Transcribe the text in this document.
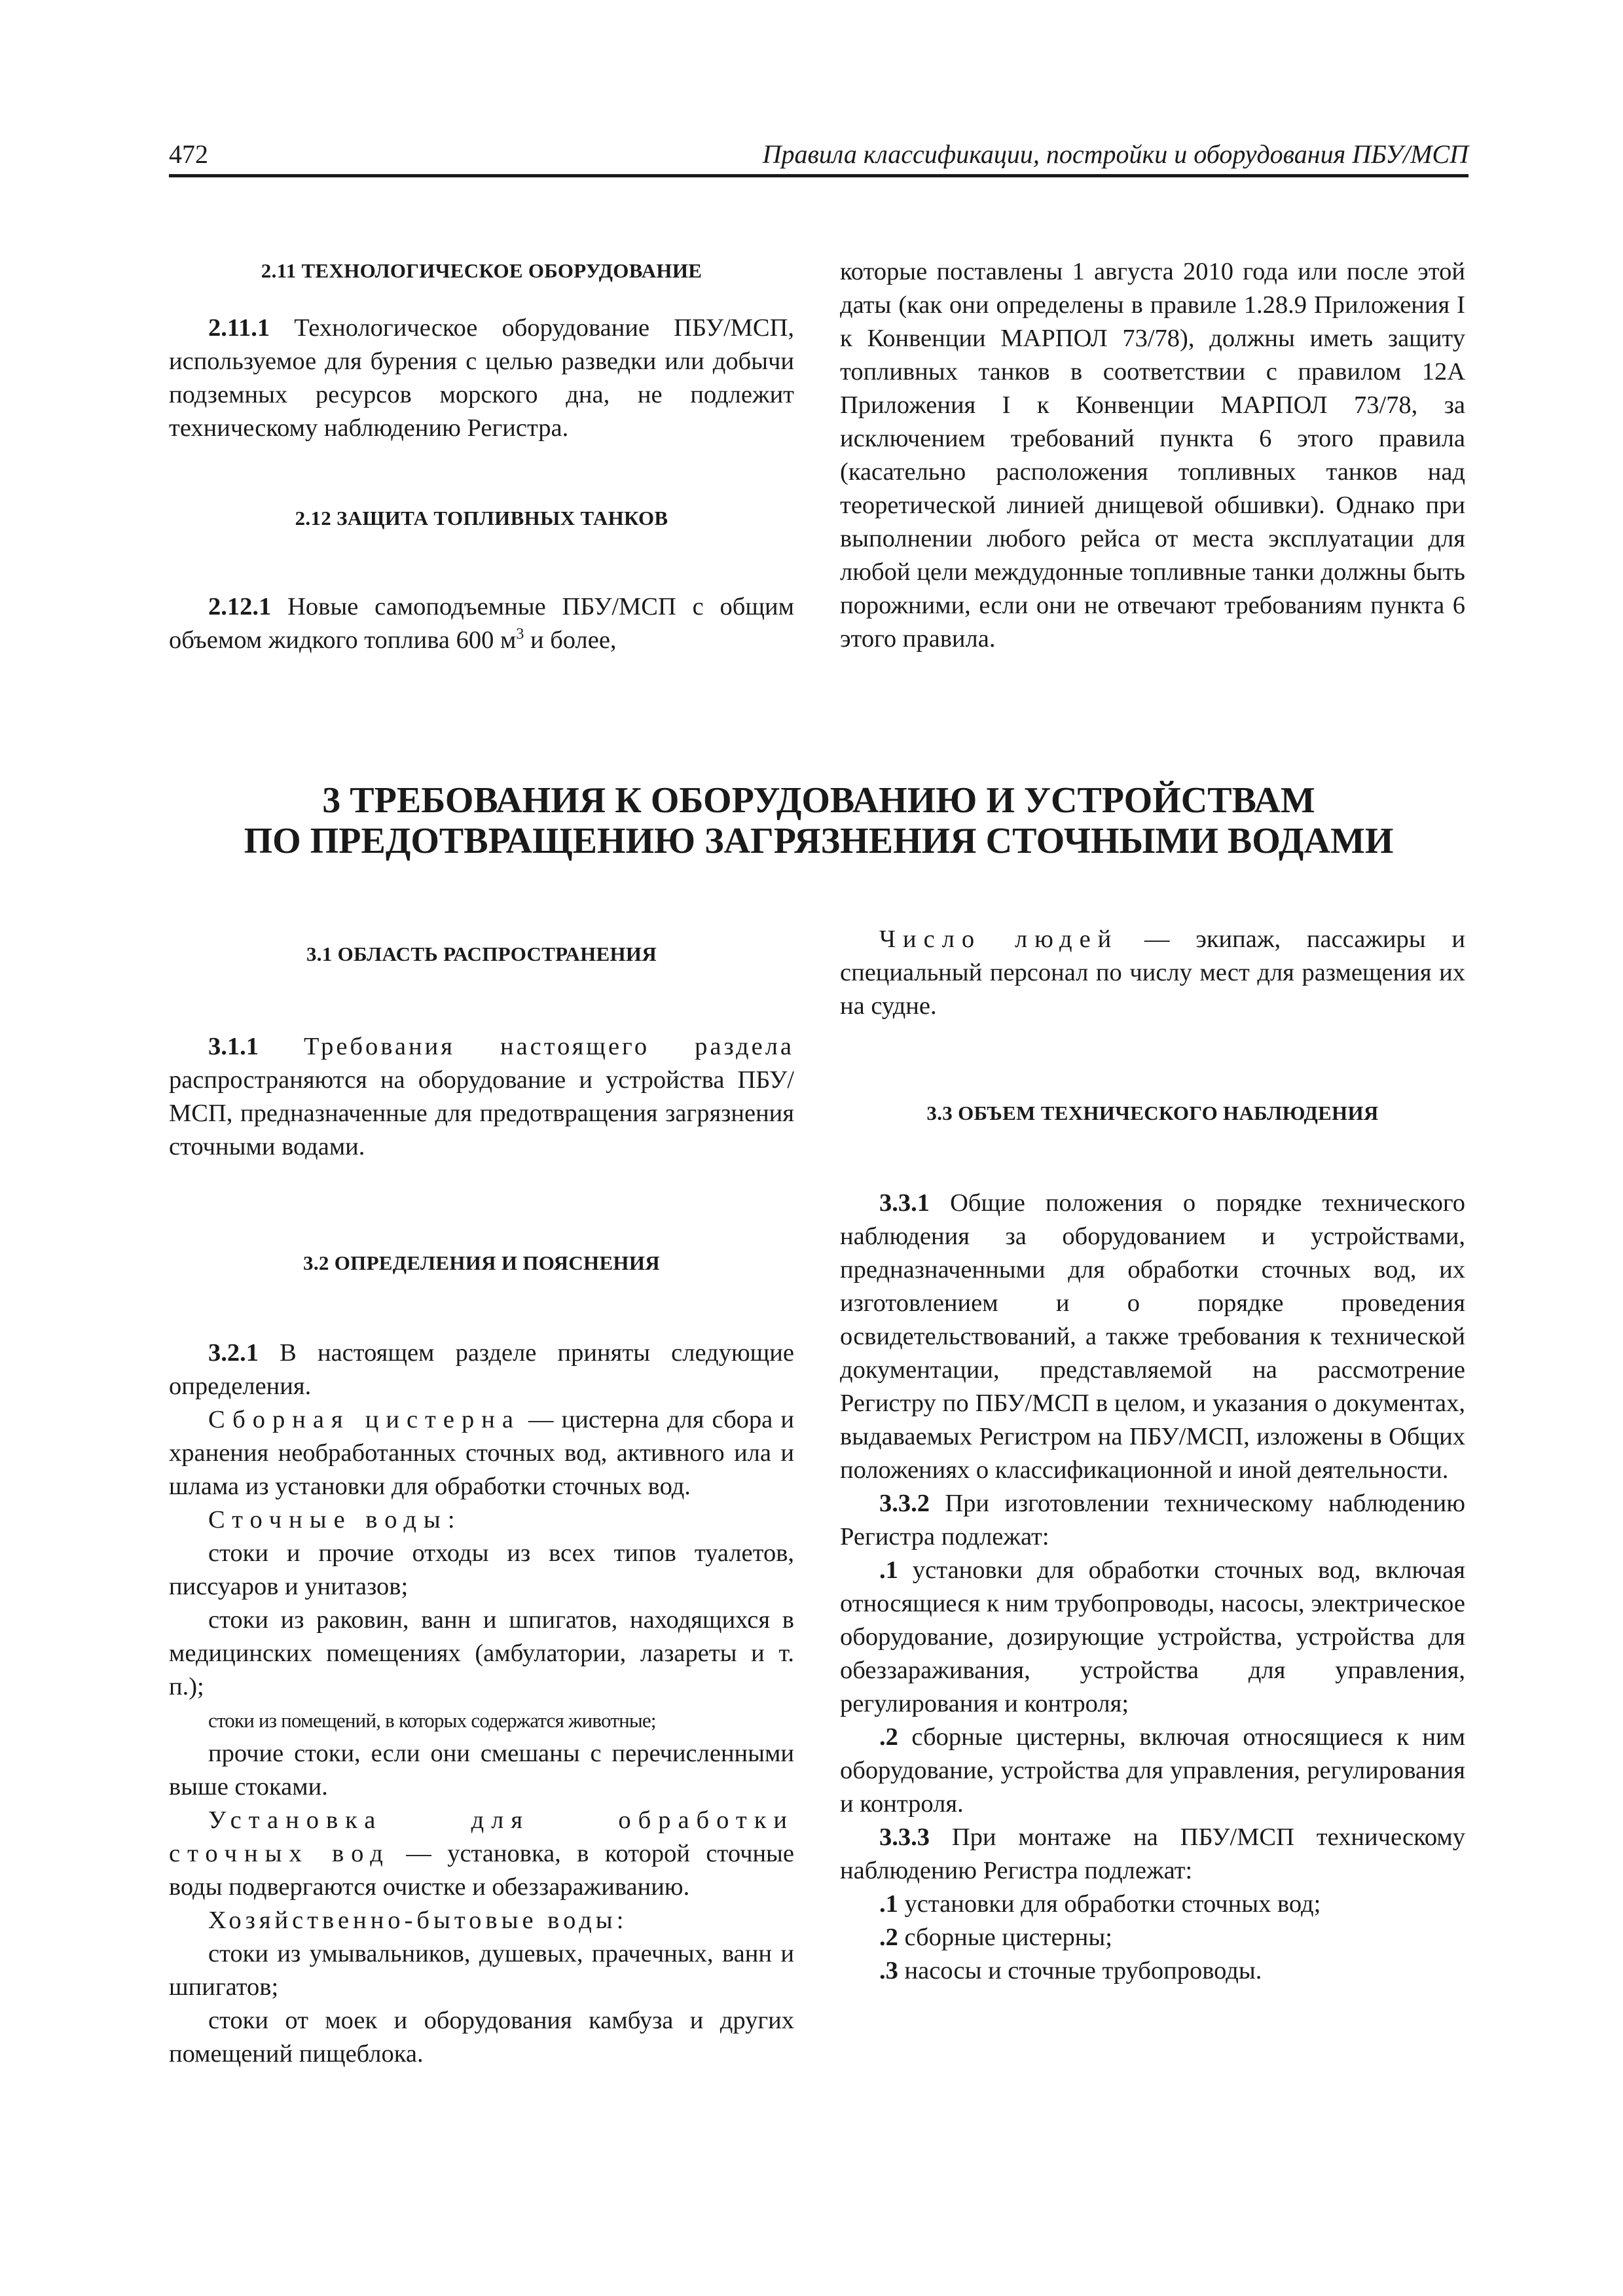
472	Правила классификации, постройки и оборудования ПБУ/МСП

2.11 ТЕХНОЛОГИЧЕСКОЕ ОБОРУДОВАНИЕ

2.11.1 Технологическое оборудование ПБУ/МСП, используемое для бурения с целью разведки или добычи подземных ресурсов морского дна, не подлежит техническому наблюдению Регистра.

2.12 ЗАЩИТА ТОПЛИВНЫХ ТАНКОВ

2.12.1 Новые самоподъемные ПБУ/МСП с общим объемом жидкого топлива 600 $м^3$ и более,

которые поставлены 1 августа 2010 года или после этой даты (как они определены в правиле 1.28.9 Приложения I к Конвенции МАРПОЛ 73/78), должны иметь защиту топливных танков в соответствии с правилом 12А Приложения I к Конвенции МАРПОЛ 73/78, за исключением требований пункта 6 этого правила (касательно расположения топливных танков над теоретической линией днищевой обшивки). Однако при выполнении любого рейса от места эксплуатации для любой цели междудонные топливные танки должны быть порожними, если они не отвечают требованиям пункта 6 этого правила.

3 ТРЕБОВАНИЯ К ОБОРУДОВАНИЮ И УСТРОЙСТВАМ
ПО ПРЕДОТВРАЩЕНИЮ ЗАГРЯЗНЕНИЯ СТОЧНЫМИ ВОДАМИ

3.1 ОБЛАСТЬ РАСПРОСТРАНЕНИЯ

3.1.1 Требования настоящего раздела распространяются на оборудование и устройства ПБУ/МСП, предназначенные для предотвращения загрязнения сточными водами.

3.2 ОПРЕДЕЛЕНИЯ И ПОЯСНЕНИЯ

3.2.1 В настоящем разделе приняты следующие определения.

Сборная цистерна — цистерна для сбора и хранения необработанных сточных вод, активного ила и шлама из установки для обработки сточных вод.

Сточные воды:

стоки и прочие отходы из всех типов туалетов, писсуаров и унитазов;

стоки из раковин, ванн и шпигатов, находящихся в медицинских помещениях (амбулатории, лазареты и т. п.);

стоки из помещений, в которых содержатся животные;

прочие стоки, если они смешаны с перечисленными выше стоками.

Установка для обработки сточных вод — установка, в которой сточные воды подвергаются очистке и обеззараживанию.

Хозяйственно-бытовые воды:

стоки из умывальников, душевых, прачечных, ванн и шпигатов;

стоки от моек и оборудования камбуза и других помещений пищеблока.

Число людей — экипаж, пассажиры и специальный персонал по числу мест для размещения их на судне.

3.3 ОБЪЕМ ТЕХНИЧЕСКОГО НАБЛЮДЕНИЯ

3.3.1 Общие положения о порядке технического наблюдения за оборудованием и устройствами, предназначенными для обработки сточных вод, их изготовлением и о порядке проведения освидетельствований, а также требования к технической документации, представляемой на рассмотрение Регистру по ПБУ/МСП в целом, и указания о документах, выдаваемых Регистром на ПБУ/МСП, изложены в Общих положениях о классификационной и иной деятельности.

3.3.2 При изготовлении техническому наблюдению Регистра подлежат:

.1 установки для обработки сточных вод, включая относящиеся к ним трубопроводы, насосы, электрическое оборудование, дозирующие устройства, устройства для обеззараживания, устройства для управления, регулирования и контроля;

.2 сборные цистерны, включая относящиеся к ним оборудование, устройства для управления, регулирования и контроля.

3.3.3 При монтаже на ПБУ/МСП техническому наблюдению Регистра подлежат:

.1 установки для обработки сточных вод;

.2 сборные цистерны;

.3 насосы и сточные трубопроводы.
